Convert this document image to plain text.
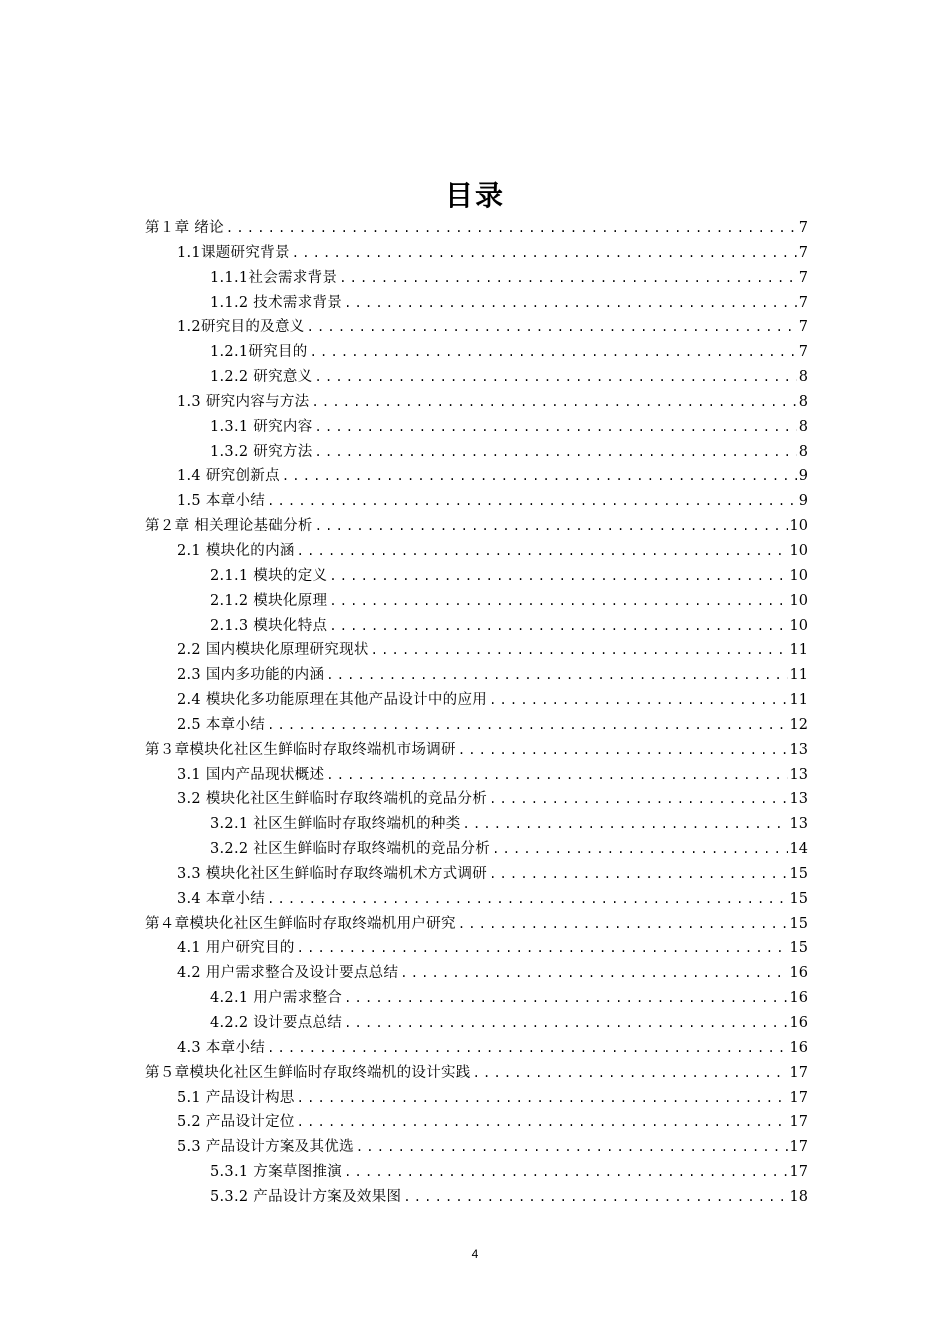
目录
第１章 绪论 .....	7
1.1课题研究背景 .....	7
1.1.1社会需求背景 .....	7
1.1.2 技术需求背景 .....	7
1.2研究目的及意义 .....	7
1.2.1研究目的 .....	7
1.2.2 研究意义 .....	8
1.3 研究内容与方法 .....	8
1.3.1 研究内容 .....	8
1.3.2 研究方法 .....	8
1.4 研究创新点 .....	9
1.5 本章小结 .....	9
第２章 相关理论基础分析 .....	10
2.1 模块化的内涵 .....	10
2.1.1 模块的定义 .....	10
2.1.2 模块化原理 .....	10
2.1.3 模块化特点 .....	10
2.2 国内模块化原理研究现状 .....	11
2.3 国内多功能的内涵 .....	11
2.4 模块化多功能原理在其他产品设计中的应用 .....	11
2.5 本章小结 .....	12
第３章模块化社区生鲜临时存取终端机市场调研 .....	13
3.1 国内产品现状概述 .....	13
3.2 模块化社区生鲜临时存取终端机的竞品分析 .....	13
3.2.1 社区生鲜临时存取终端机的种类 .....	13
3.2.2 社区生鲜临时存取终端机的竞品分析 .....	14
3.3 模块化社区生鲜临时存取终端机术方式调研 .....	15
3.4 本章小结 .....	15
第４章模块化社区生鲜临时存取终端机用户研究 .....	15
4.1 用户研究目的 .....	15
4.2 用户需求整合及设计要点总结 .....	16
4.2.1 用户需求整合 .....	16
4.2.2 设计要点总结 .....	16
4.3 本章小结 .....	16
第５章模块化社区生鲜临时存取终端机的设计实践 .....	17
5.1 产品设计构思 .....	17
5.2 产品设计定位 .....	17
5.3 产品设计方案及其优选 .....	17
5.3.1 方案草图推演 .....	17
5.3.2 产品设计方案及效果图 .....	18
4
